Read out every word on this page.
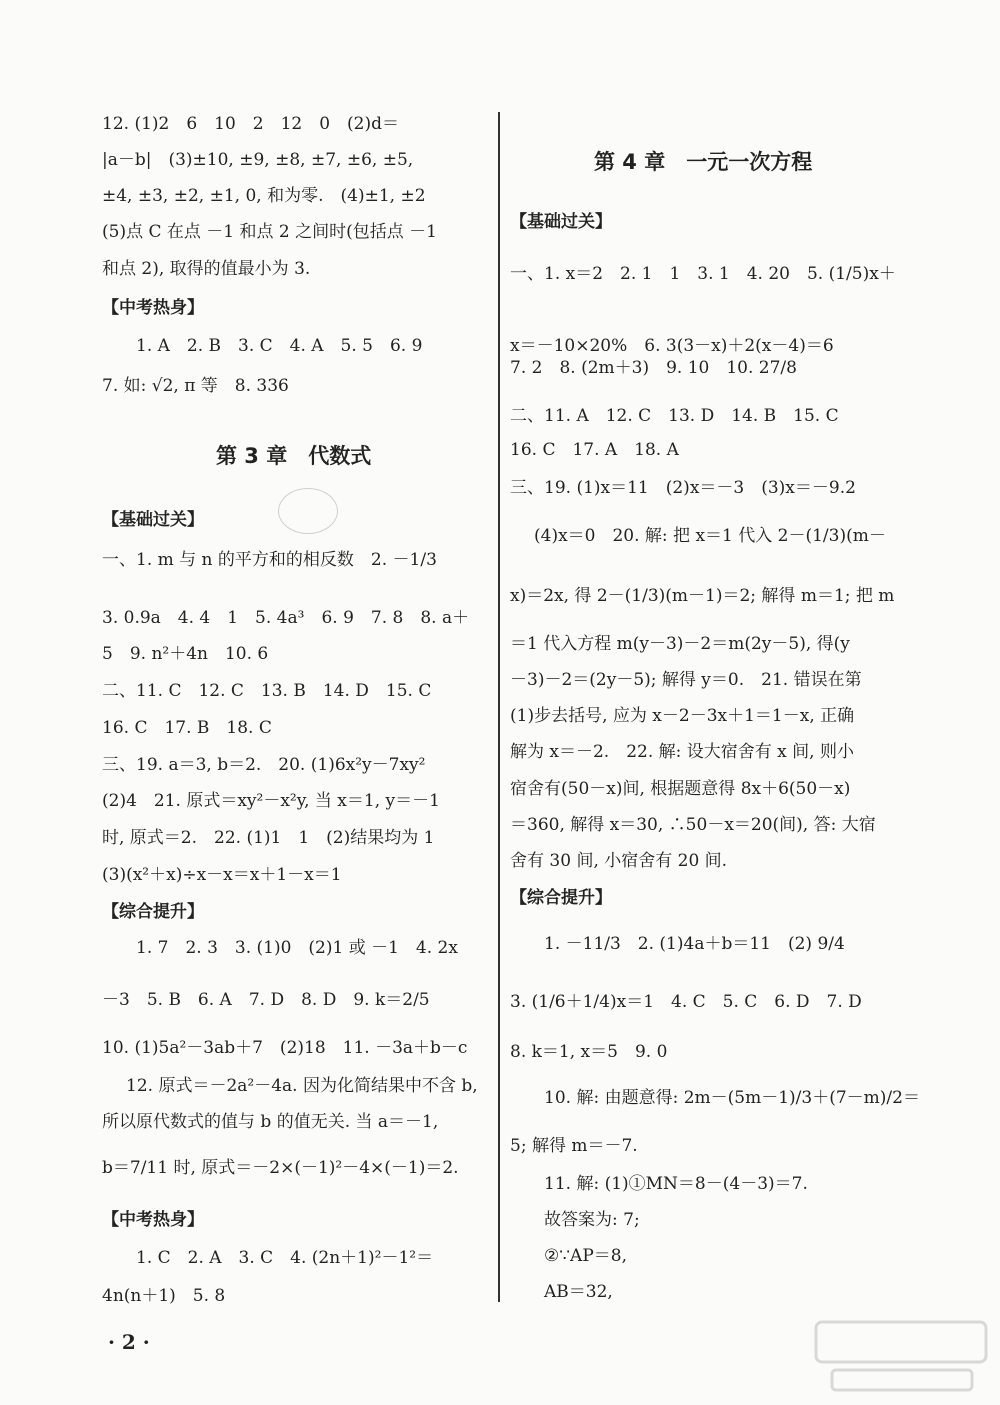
12. (1)2　6　10　2　12　0　(2)d＝
|a－b|　(3)±10, ±9, ±8, ±7, ±6, ±5,
±4, ±3, ±2, ±1, 0, 和为零.　(4)±1, ±2
(5)点 C 在点 －1 和点 2 之间时(包括点 －1
和点 2), 取得的值最小为 3.
【中考热身】
1. A　2. B　3. C　4. A　5. 5　6. 9
7. 如: √2, π 等　8. 336
第 3 章　代数式
【基础过关】
一、1. m 与 n 的平方和的相反数　2. －1/3
3. 0.9a　4. 4　1　5. 4a³　6. 9　7. 8　8. a＋
5　9. n²＋4n　10. 6
二、11. C　12. C　13. B　14. D　15. C
16. C　17. B　18. C
三、19. a＝3, b＝2.　20. (1)6x²y－7xy²
(2)4　21. 原式＝xy²－x²y, 当 x＝1, y＝－1
时, 原式＝2.　22. (1)1　1　(2)结果均为 1
(3)(x²＋x)÷x－x＝x＋1－x＝1
【综合提升】
1. 7　2. 3　3. (1)0　(2)1 或 －1　4. 2x
－3　5. B　6. A　7. D　8. D　9. k＝2/5
10. (1)5a²－3ab＋7　(2)18　11. －3a＋b－c
12. 原式＝－2a²－4a. 因为化简结果中不含 b,
所以原代数式的值与 b 的值无关. 当 a＝－1,
b＝7/11 时, 原式＝－2×(－1)²－4×(－1)＝2.
【中考热身】
1. C　2. A　3. C　4. (2n＋1)²－1²＝
4n(n＋1)　5. 8
第 4 章　一元一次方程
【基础过关】
一、1. x＝2　2. 1　1　3. 1　4. 20　5. (1/5)x＋
x＝－10×20%　6. 3(3－x)＋2(x－4)＝6
7. 2　8. (2m＋3)　9. 10　10. 27/8
二、11. A　12. C　13. D　14. B　15. C
16. C　17. A　18. A
三、19. (1)x＝11　(2)x＝－3　(3)x＝－9.2
(4)x＝0　20. 解: 把 x＝1 代入 2－(1/3)(m－
x)＝2x, 得 2－(1/3)(m－1)＝2; 解得 m＝1; 把 m
＝1 代入方程 m(y－3)－2＝m(2y－5), 得(y
－3)－2＝(2y－5); 解得 y＝0.　21. 错误在第
(1)步去括号, 应为 x－2－3x＋1＝1－x, 正确
解为 x＝－2.　22. 解: 设大宿舍有 x 间, 则小
宿舍有(50－x)间, 根据题意得 8x＋6(50－x)
＝360, 解得 x＝30, ∴50－x＝20(间), 答: 大宿
舍有 30 间, 小宿舍有 20 间.
【综合提升】
1. －11/3　2. (1)4a＋b＝11　(2) 9/4
3. (1/6＋1/4)x＝1　4. C　5. C　6. D　7. D
8. k＝1, x＝5　9. 0
10. 解: 由题意得: 2m－(5m－1)/3＋(7－m)/2＝
5; 解得 m＝－7.
11. 解: (1)①MN＝8－(4－3)＝7.
故答案为: 7;
②∵AP＝8,
AB＝32,
· 2 ·
